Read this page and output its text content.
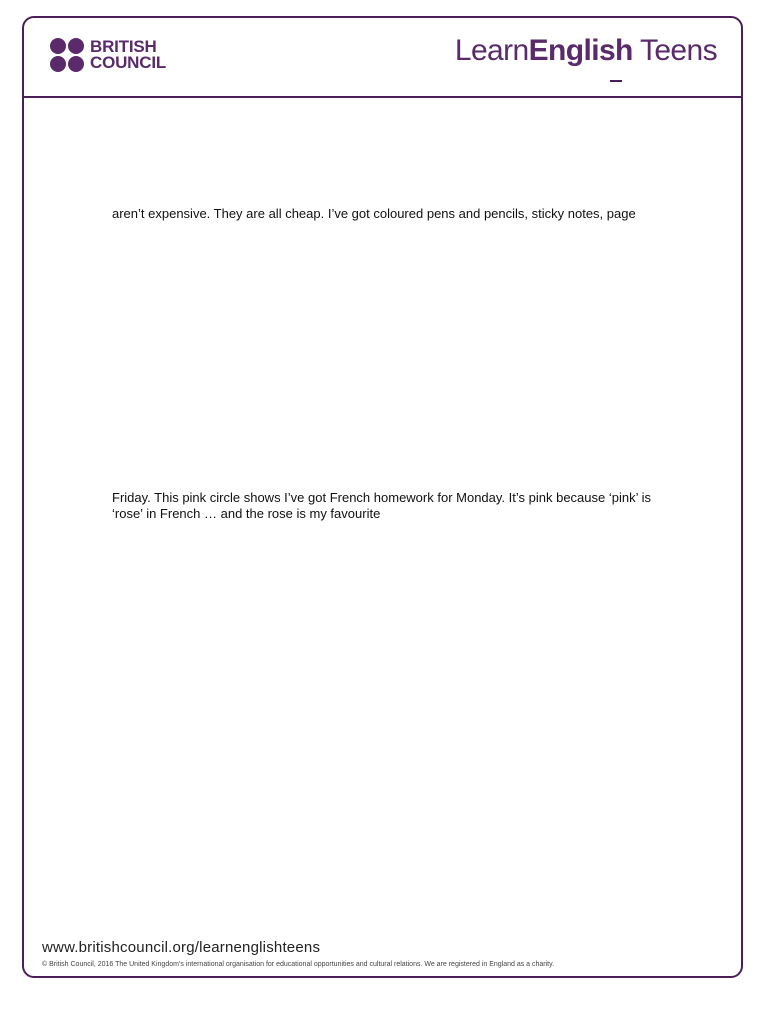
BRITISH
COUNCIL	LearnEnglish Teens
aren’t expensive. They are all cheap. I’ve got coloured pens and pencils, sticky notes, page
Friday. This pink circle shows I’ve got French homework for Monday. It’s pink because ‘pink’ is
‘rose’ in French … and the rose is my favourite
www.britishcouncil.org/learnenglishteens
© British Council, 2016 The United Kingdom’s international organisation for educational opportunities and cultural relations. We are registered in England as a charity.
